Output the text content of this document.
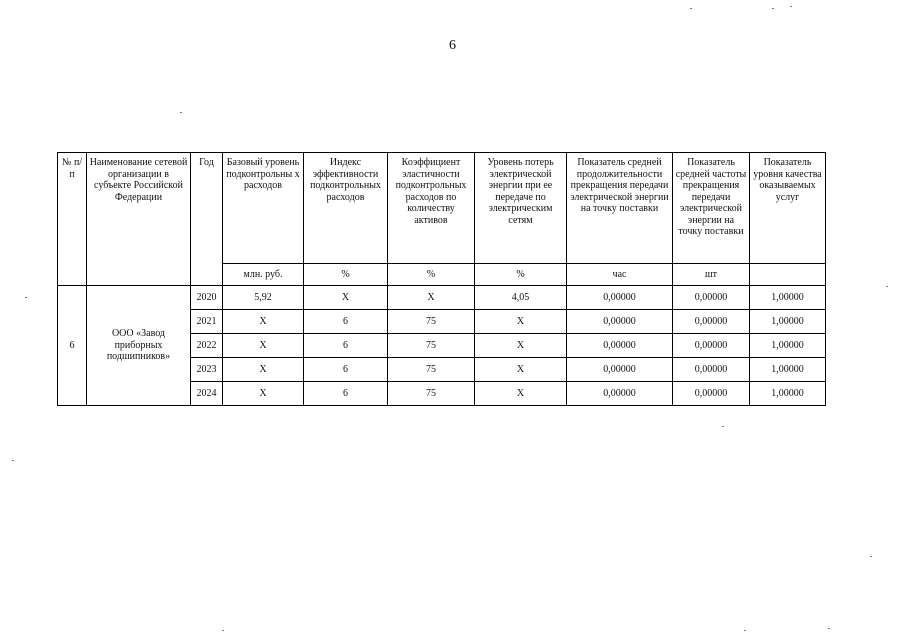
6
№ п/п	Наименование сетевой организации в субъекте Российской Федерации	Год	Базовый уровень подконтрольны х расходов	Индекс эффективности подконтрольных расходов	Коэффициент эластичности подконтрольных расходов по количеству активов	Уровень потерь электрической энергии при ее передаче по электрическим сетям	Показатель средней продолжительности прекращения передачи электрической энергии на точку поставки	Показатель средней частоты прекращения передачи электрической энергии на точку поставки	Показатель уровня качества оказываемых услуг
			млн. руб.	%	%	%	час	шт	
6	ООО «Завод приборных подшипников»	2020	5,92	X	X	4,05	0,00000	0,00000	1,00000
		2021	X	6	75	X	0,00000	0,00000	1,00000
		2022	X	6	75	X	0,00000	0,00000	1,00000
		2023	X	6	75	X	0,00000	0,00000	1,00000
		2024	X	6	75	X	0,00000	0,00000	1,00000
